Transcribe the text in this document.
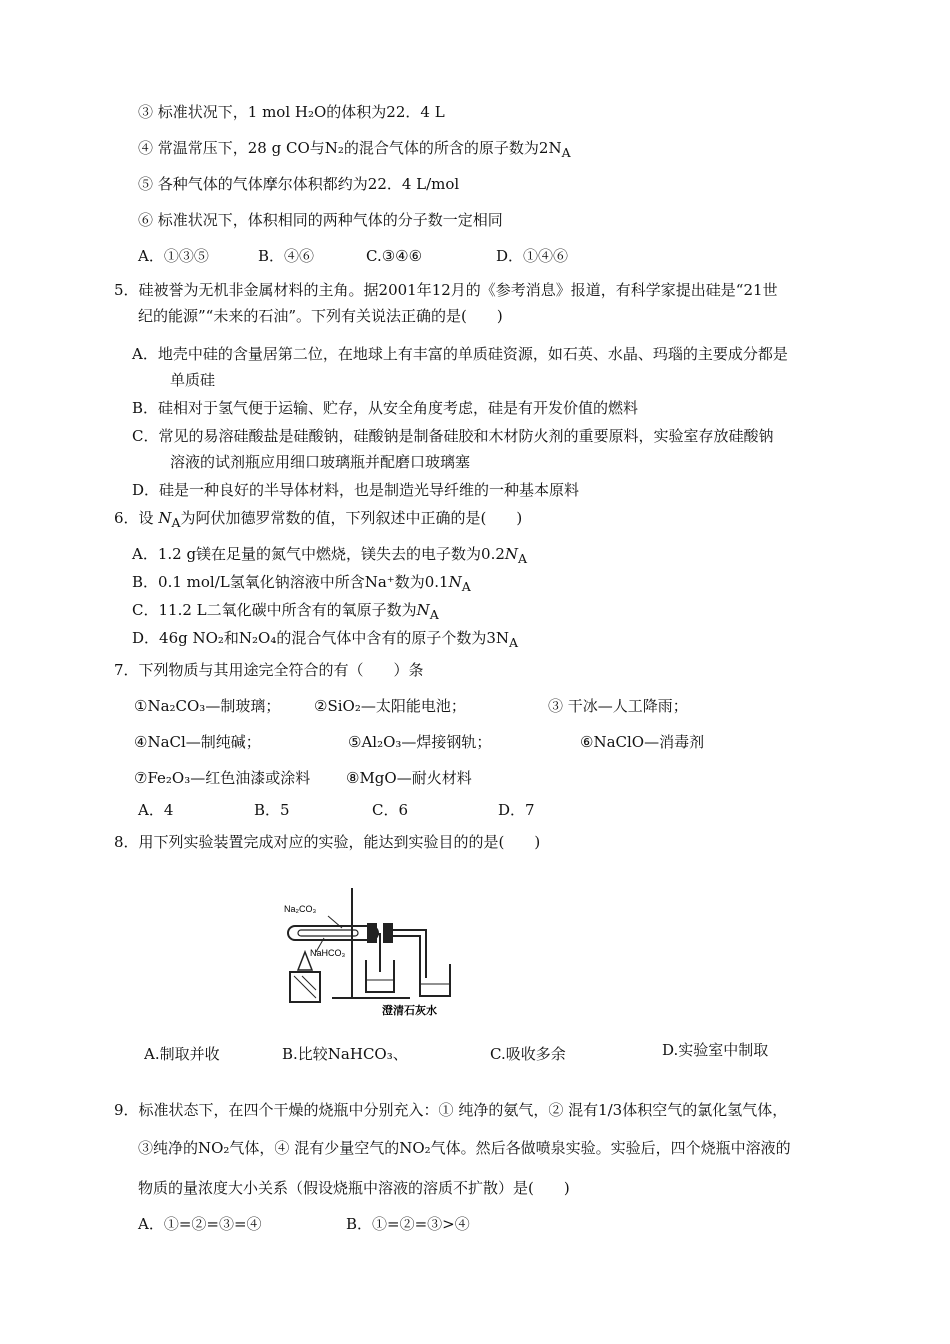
③ 标准状况下，1 mol H₂O的体积为22．4 L
④ 常温常压下，28 g CO与N₂的混合气体的所含的原子数为$2N_A$
⑤ 各种气体的气体摩尔体积都约为22．4 L/mol
⑥ 标准状况下，体积相同的两种气体的分子数一定相同
A．①③⑤	B．④⑥	C.③④⑥	D．①④⑥
5．硅被誉为无机非金属材料的主角。据2001年12月的《参考消息》报道，有科学家提出硅是“21世
纪的能源”“未来的石油”。下列有关说法正确的是(　　)
A．地壳中硅的含量居第二位，在地球上有丰富的单质硅资源，如石英、水晶、玛瑙的主要成分都是
单质硅
B．硅相对于氢气便于运输、贮存，从安全角度考虑，硅是有开发价值的燃料
C．常见的易溶硅酸盐是硅酸钠，硅酸钠是制备硅胶和木材防火剂的重要原料，实验室存放硅酸钠
溶液的试剂瓶应用细口玻璃瓶并配磨口玻璃塞
D．硅是一种良好的半导体材料，也是制造光导纤维的一种基本原料
6．设 $N_A$为阿伏加德罗常数的值，下列叙述中正确的是(　　)
A．1.2 g镁在足量的氮气中燃烧，镁失去的电子数为$0.2N_A$
B．0.1 mol/L氢氧化钠溶液中所含Na⁺数为$0.1N_A$
C．11.2 L二氧化碳中所含有的氧原子数为$N_A$
D．46g NO₂和N₂O₄的混合气体中含有的原子个数为$3N_A$
7．下列物质与其用途完全符合的有（　　）条
①Na₂CO₃—制玻璃； ②SiO₂—太阳能电池；	③ 干冰—人工降雨；
④NaCl—制纯碱；	⑤Al₂O₃—焊接钢轨；	⑥NaClO—消毒剂
⑦Fe₂O₃—红色油漆或涂料 ⑧MgO—耐火材料
A．4	B．5	C．6	D．7
8．用下列实验装置完成对应的实验，能达到实验目的的是(　　)
Na₂CO₃
NaHCO₃
澄清石灰水
A.制取并收	B.比较NaHCO₃、	C.吸收多余	D.实验室中制取
9．标准状态下，在四个干燥的烧瓶中分别充入：① 纯净的氨气，② 混有1/3体积空气的氯化氢气体，
③纯净的NO₂气体，④ 混有少量空气的NO₂气体。然后各做喷泉实验。实验后，四个烧瓶中溶液的
物质的量浓度大小关系（假设烧瓶中溶液的溶质不扩散）是(　　)
A．①=②=③=④	B．①=②=③>④
